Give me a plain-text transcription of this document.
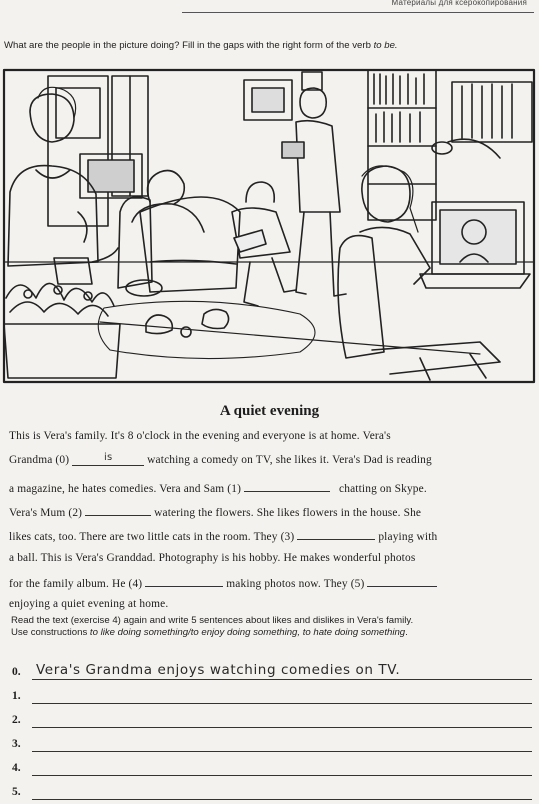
Материалы для ксерокопирования
What are the people in the picture doing? Fill in the gaps with the right form of the verb to be.
A quiet evening
This is Vera's family. It's 8 o'clock in the evening and everyone is at home. Vera's
Grandma (0)	is	watching a comedy on TV, she likes it. Vera's Dad is reading
a magazine, he hates comedies. Vera and Sam (1)	chatting on Skype.
Vera's Mum (2)	watering the flowers. She likes flowers in the house. She
likes cats, too. There are two little cats in the room. They (3)	playing with
a ball. This is Vera's Granddad. Photography is his hobby. He makes wonderful photos
for the family album. He (4)	making photos now. They (5)
enjoying a quiet evening at home.
Read the text (exercise 4) again and write 5 sentences about likes and dislikes in Vera's family.
Use constructions to like doing something/to enjoy doing something, to hate doing something.
0. Vera's Grandma enjoys watching comedies on TV.
1.
2.
3.
4.
5.
